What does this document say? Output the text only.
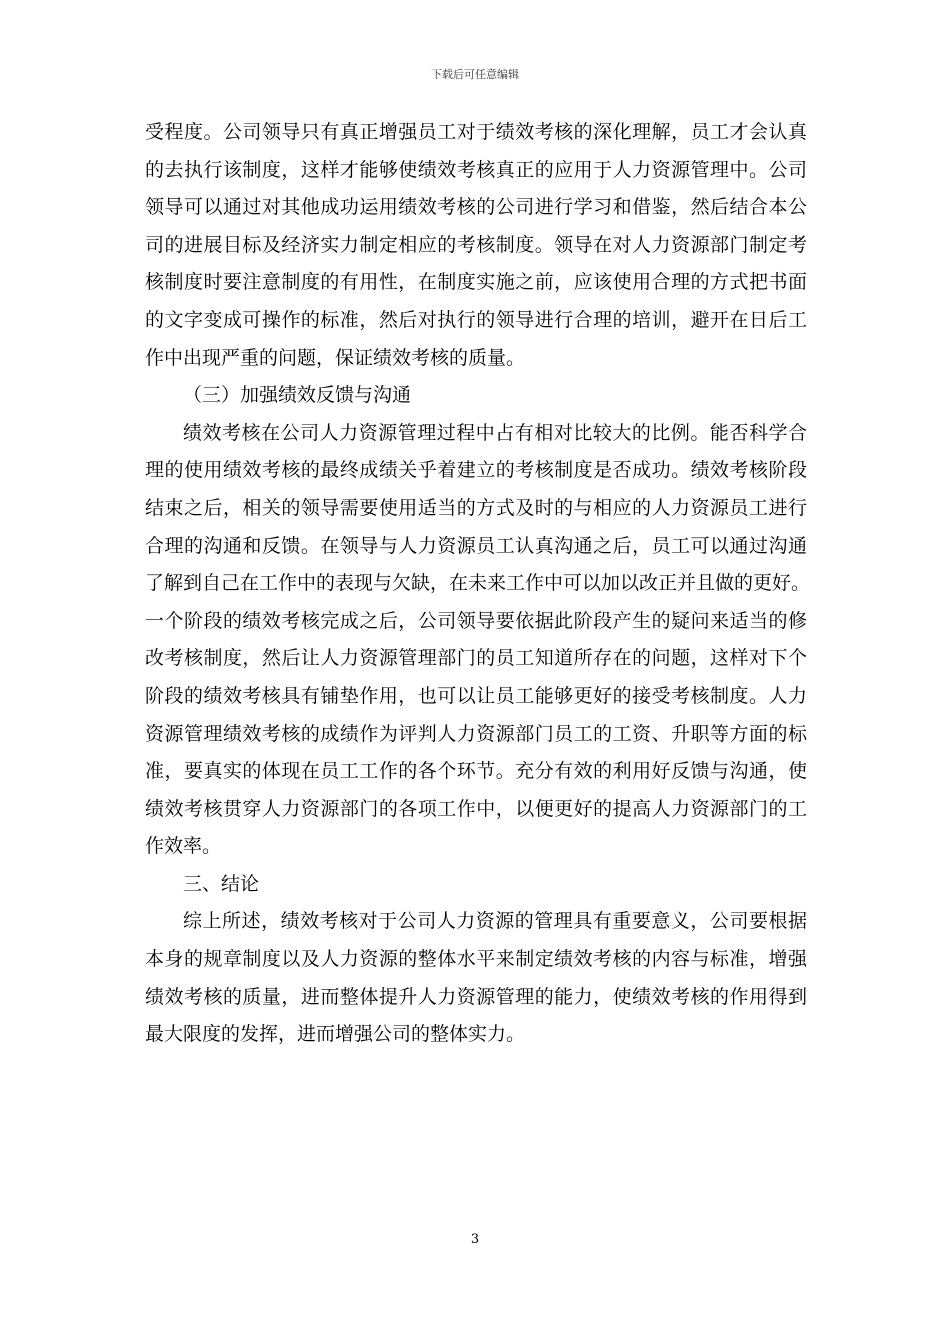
下载后可任意编辑
受程度。公司领导只有真正增强员工对于绩效考核的深化理解，员工才会认真
的去执行该制度，这样才能够使绩效考核真正的应用于人力资源管理中。公司
领导可以通过对其他成功运用绩效考核的公司进行学习和借鉴，然后结合本公
司的进展目标及经济实力制定相应的考核制度。领导在对人力资源部门制定考
核制度时要注意制度的有用性，在制度实施之前，应该使用合理的方式把书面
的文字变成可操作的标准，然后对执行的领导进行合理的培训，避开在日后工
作中出现严重的问题，保证绩效考核的质量。
（三）加强绩效反馈与沟通
绩效考核在公司人力资源管理过程中占有相对比较大的比例。能否科学合
理的使用绩效考核的最终成绩关乎着建立的考核制度是否成功。绩效考核阶段
结束之后，相关的领导需要使用适当的方式及时的与相应的人力资源员工进行
合理的沟通和反馈。在领导与人力资源员工认真沟通之后，员工可以通过沟通
了解到自己在工作中的表现与欠缺，在未来工作中可以加以改正并且做的更好。
一个阶段的绩效考核完成之后，公司领导要依据此阶段产生的疑问来适当的修
改考核制度，然后让人力资源管理部门的员工知道所存在的问题，这样对下个
阶段的绩效考核具有铺垫作用，也可以让员工能够更好的接受考核制度。人力
资源管理绩效考核的成绩作为评判人力资源部门员工的工资、升职等方面的标
准，要真实的体现在员工工作的各个环节。充分有效的利用好反馈与沟通，使
绩效考核贯穿人力资源部门的各项工作中，以便更好的提高人力资源部门的工
作效率。
三、结论
综上所述，绩效考核对于公司人力资源的管理具有重要意义，公司要根据
本身的规章制度以及人力资源的整体水平来制定绩效考核的内容与标准，增强
绩效考核的质量，进而整体提升人力资源管理的能力，使绩效考核的作用得到
最大限度的发挥，进而增强公司的整体实力。
3
